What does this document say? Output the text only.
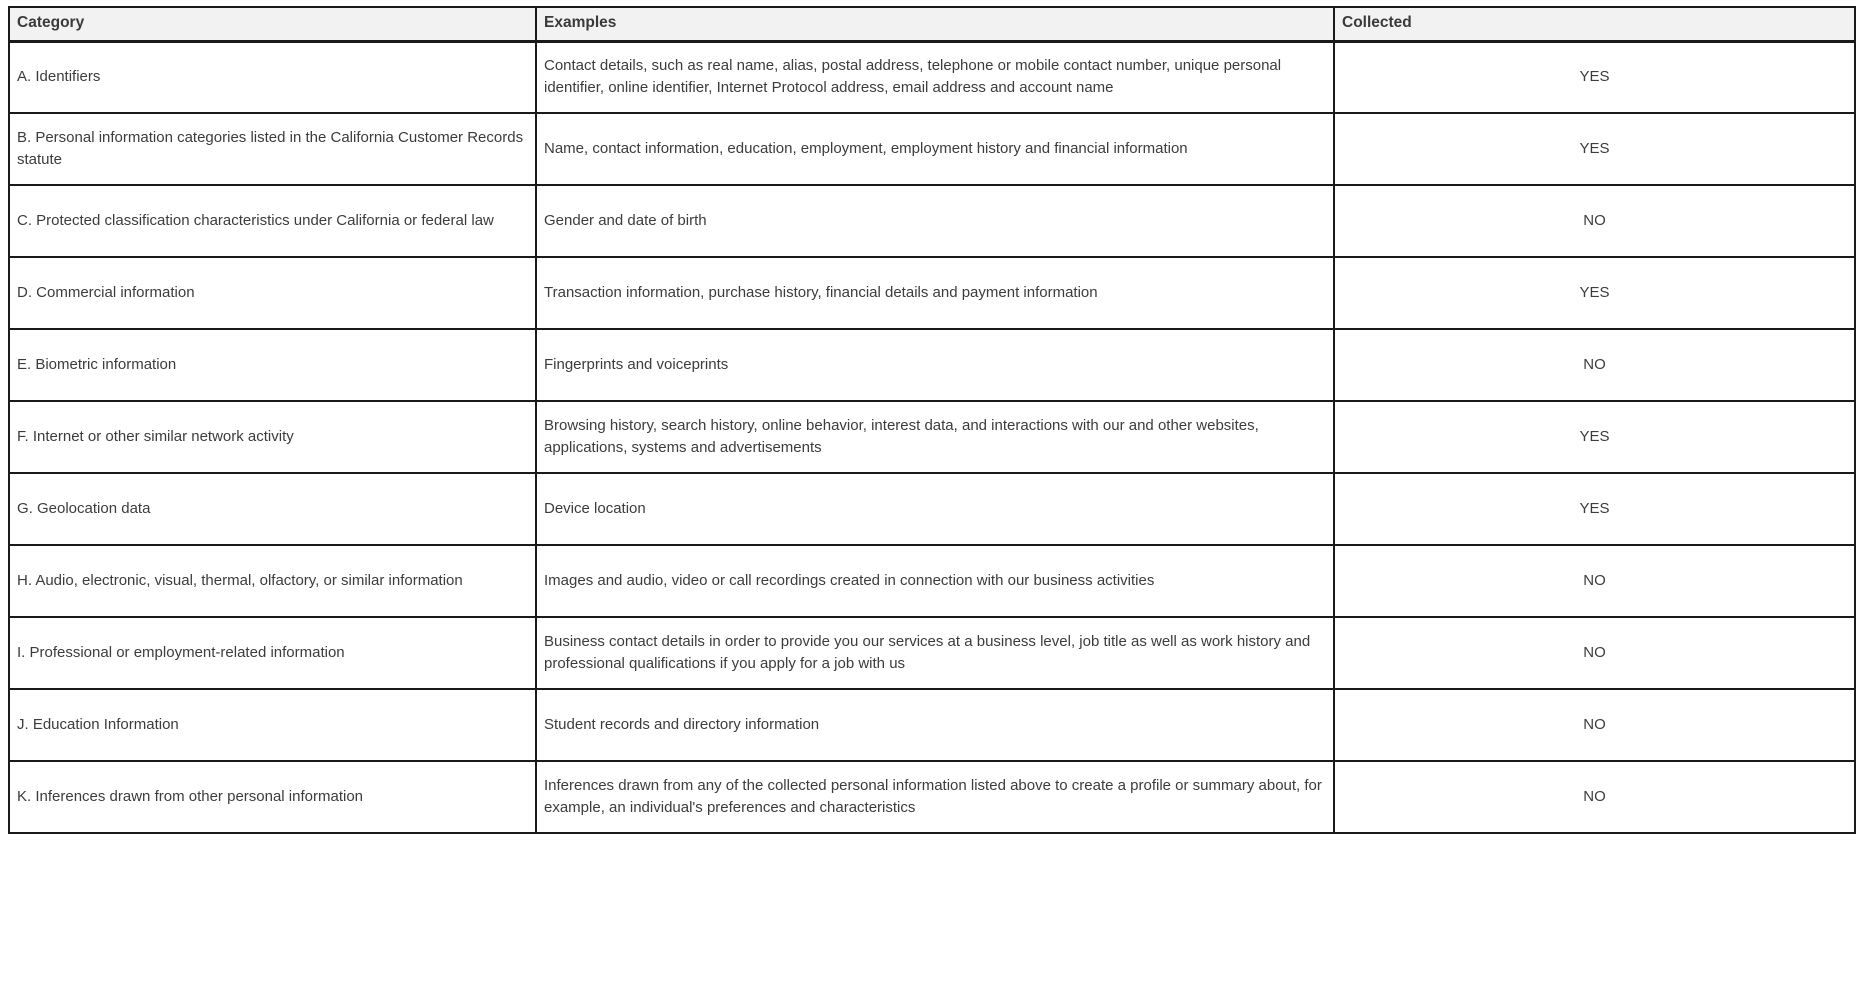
Category	Examples	Collected
A. Identifiers	Contact details, such as real name, alias, postal address, telephone or mobile contact number, unique personal identifier, online identifier, Internet Protocol address, email address and account name	YES
B. Personal information categories listed in the California Customer Records statute	Name, contact information, education, employment, employment history and financial information	YES
C. Protected classification characteristics under California or federal law	Gender and date of birth	NO
D. Commercial information	Transaction information, purchase history, financial details and payment information	YES
E. Biometric information	Fingerprints and voiceprints	NO
F. Internet or other similar network activity	Browsing history, search history, online behavior, interest data, and interactions with our and other websites, applications, systems and advertisements	YES
G. Geolocation data	Device location	YES
H. Audio, electronic, visual, thermal, olfactory, or similar information	Images and audio, video or call recordings created in connection with our business activities	NO
I. Professional or employment-related information	Business contact details in order to provide you our services at a business level, job title as well as work history and professional qualifications if you apply for a job with us	NO
J. Education Information	Student records and directory information	NO
K. Inferences drawn from other personal information	Inferences drawn from any of the collected personal information listed above to create a profile or summary about, for example, an individual's preferences and characteristics	NO
